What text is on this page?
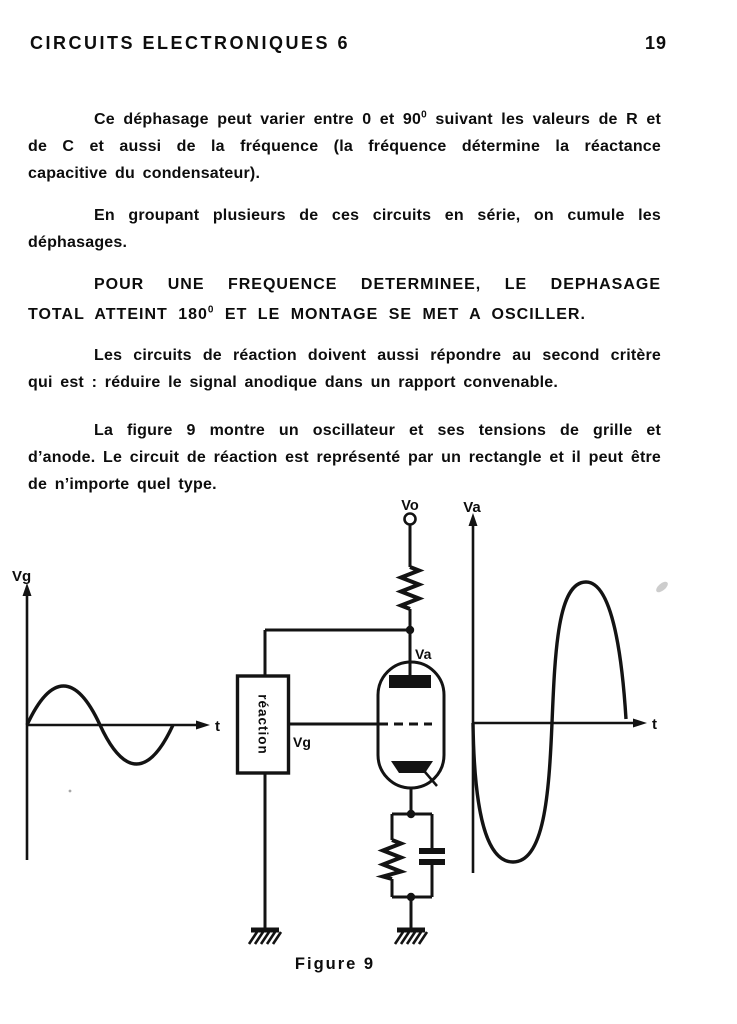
CIRCUITS ELECTRONIQUES 6	19

Ce déphasage peut varier entre 0 et $90^0$ suivant les valeurs de R et de C et aussi de la fréquence (la fréquence détermine la réactance capacitive du condensateur).

En groupant plusieurs de ces circuits en série, on cumule les déphasages.

POUR UNE FREQUENCE DETERMINEE, LE DEPHASAGE TOTAL ATTEINT $180^0$ ET LE MONTAGE SE MET A OSCILLER.

Les circuits de réaction doivent aussi répondre au second critère qui est : réduire le signal anodique dans un rapport convenable.

La figure 9 montre un oscillateur et ses tensions de grille et d’anode. Le circuit de réaction est représenté par un rectangle et il peut être de n’importe quel type.

Vg
t	réaction Vg
Vo
Va
Va
t
Figure 9
